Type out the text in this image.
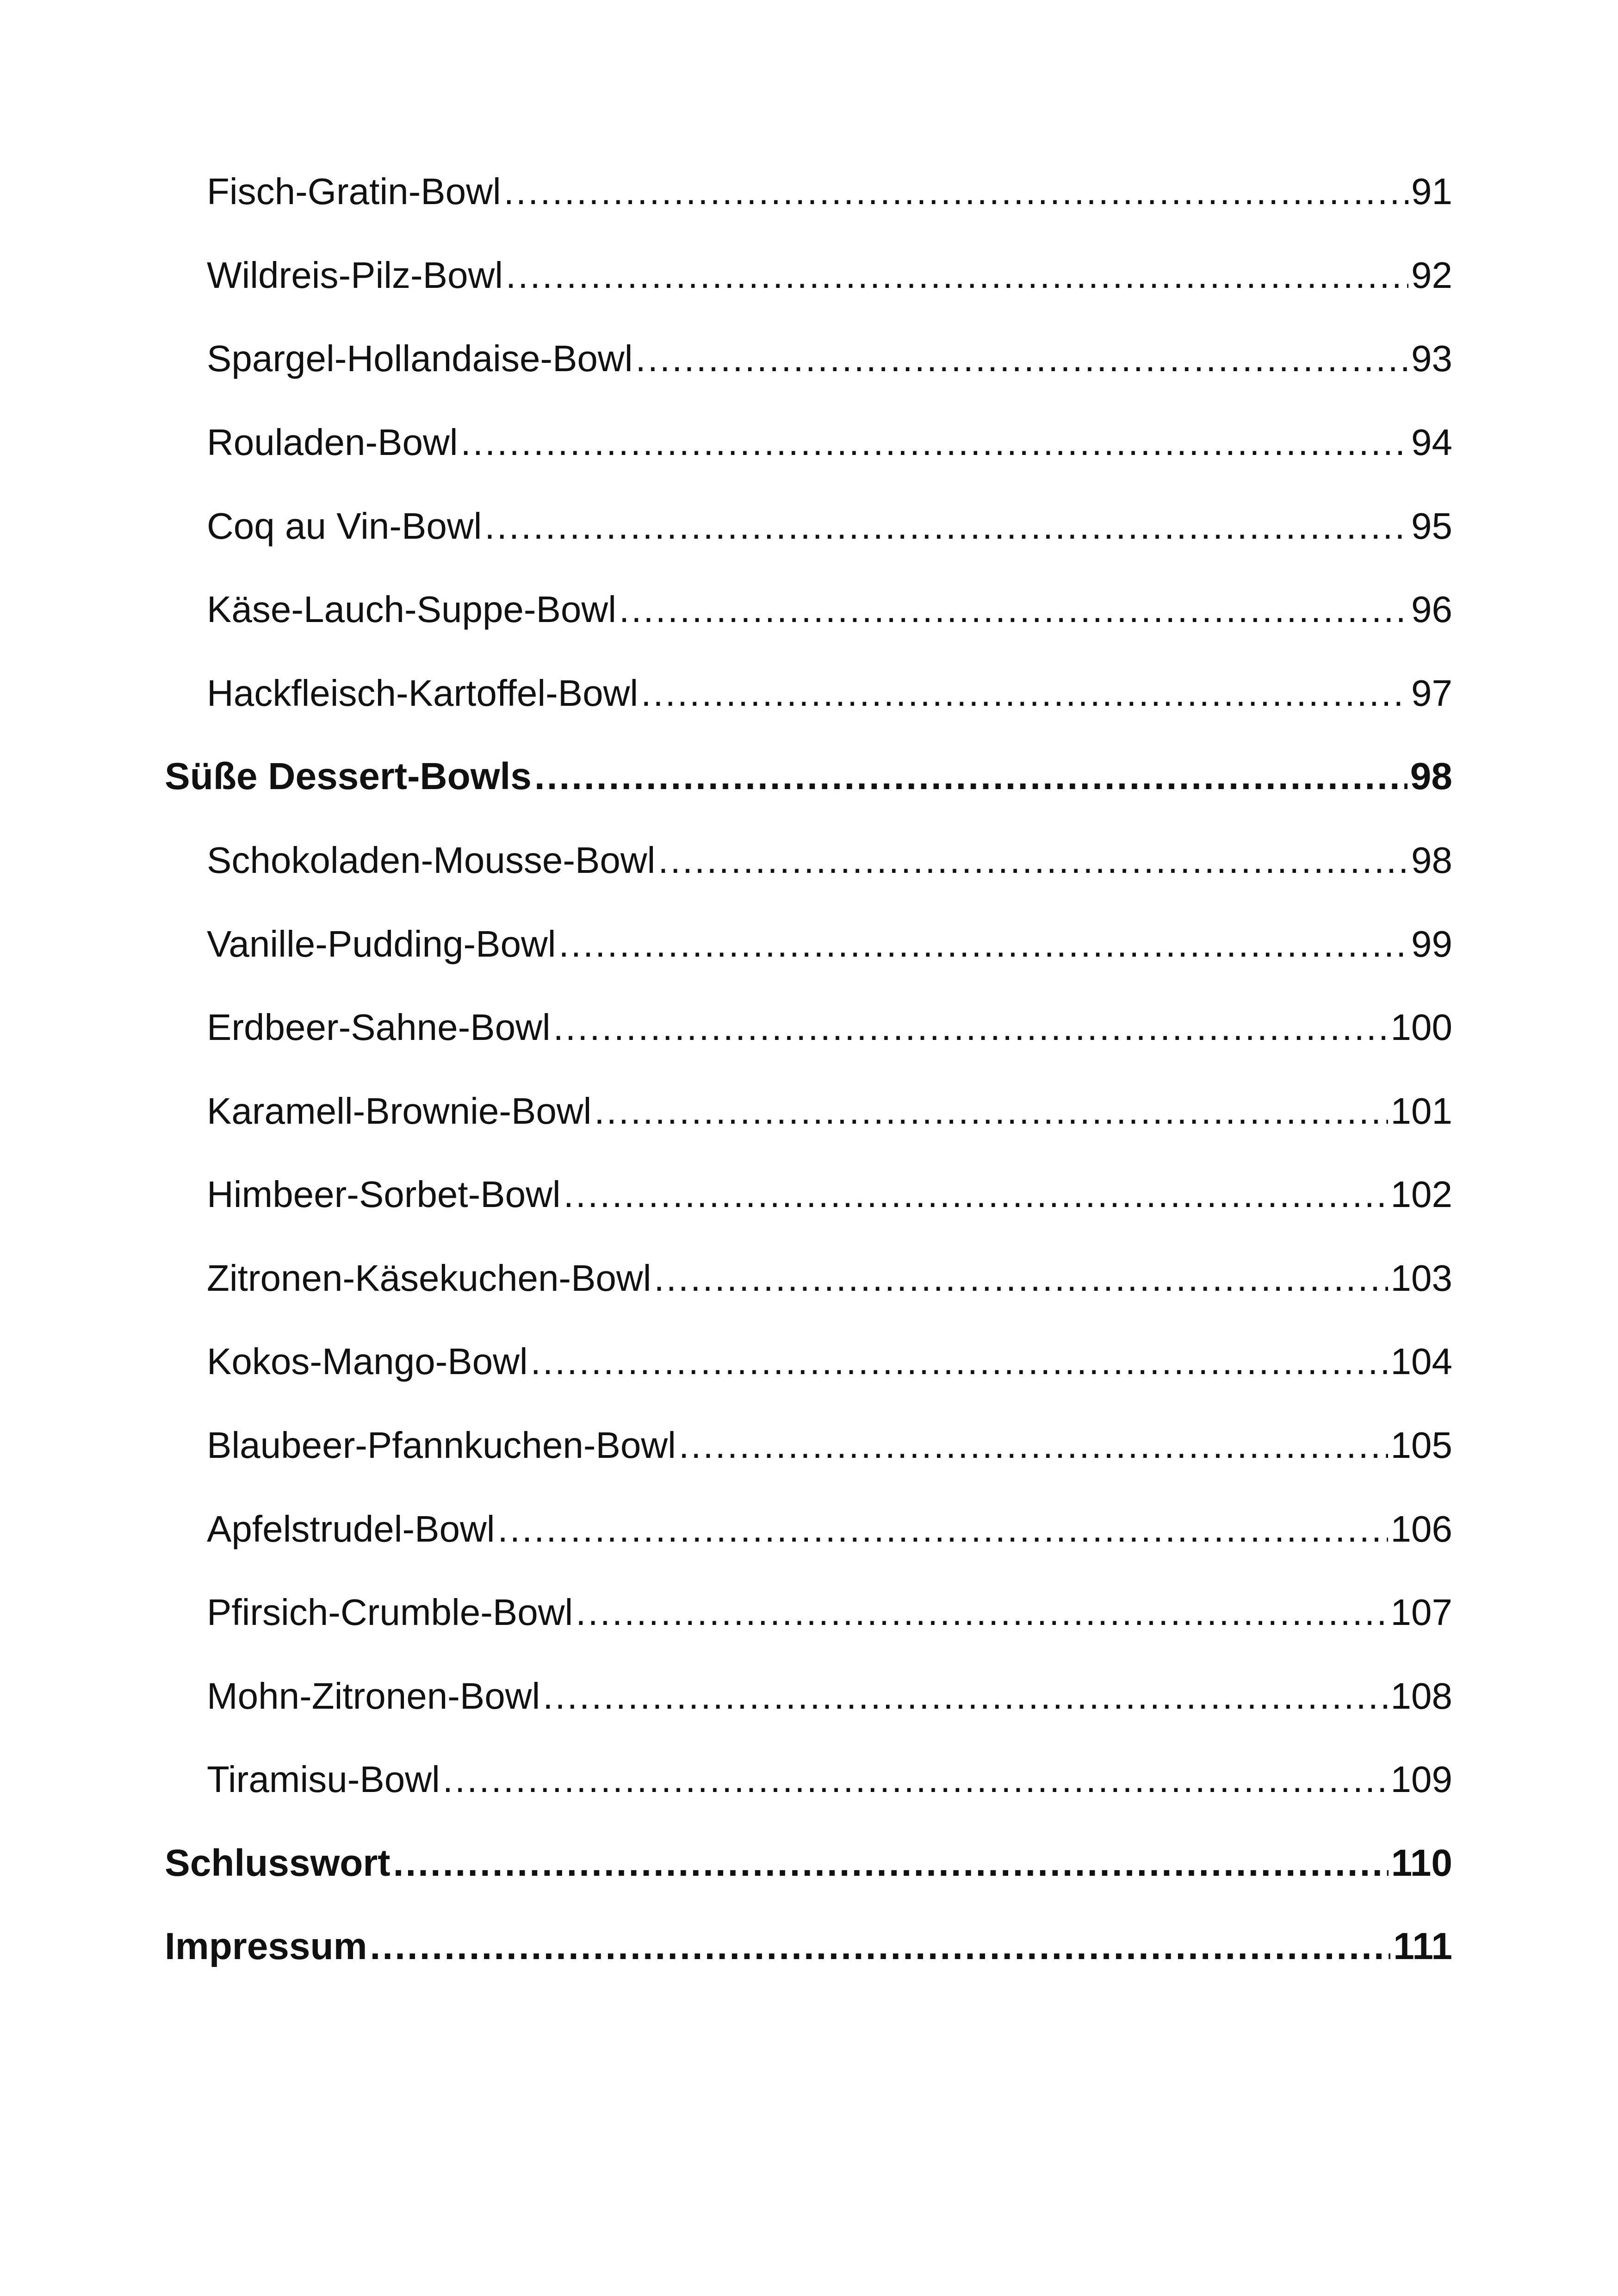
Fisch-Gratin-Bowl .....	91
Wildreis-Pilz-Bowl .....	92
Spargel-Hollandaise-Bowl .....	93
Rouladen-Bowl .....	94
Coq au Vin-Bowl .....	95
Käse-Lauch-Suppe-Bowl .....	96
Hackfleisch-Kartoffel-Bowl .....	97
Süße Dessert-Bowls .....	98
Schokoladen-Mousse-Bowl .....	98
Vanille-Pudding-Bowl .....	99
Erdbeer-Sahne-Bowl .....	100
Karamell-Brownie-Bowl .....	101
Himbeer-Sorbet-Bowl .....	102
Zitronen-Käsekuchen-Bowl .....	103
Kokos-Mango-Bowl .....	104
Blaubeer-Pfannkuchen-Bowl .....	105
Apfelstrudel-Bowl .....	106
Pfirsich-Crumble-Bowl .....	107
Mohn-Zitronen-Bowl .....	108
Tiramisu-Bowl .....	109
Schlusswort .....	110
Impressum .....	111
